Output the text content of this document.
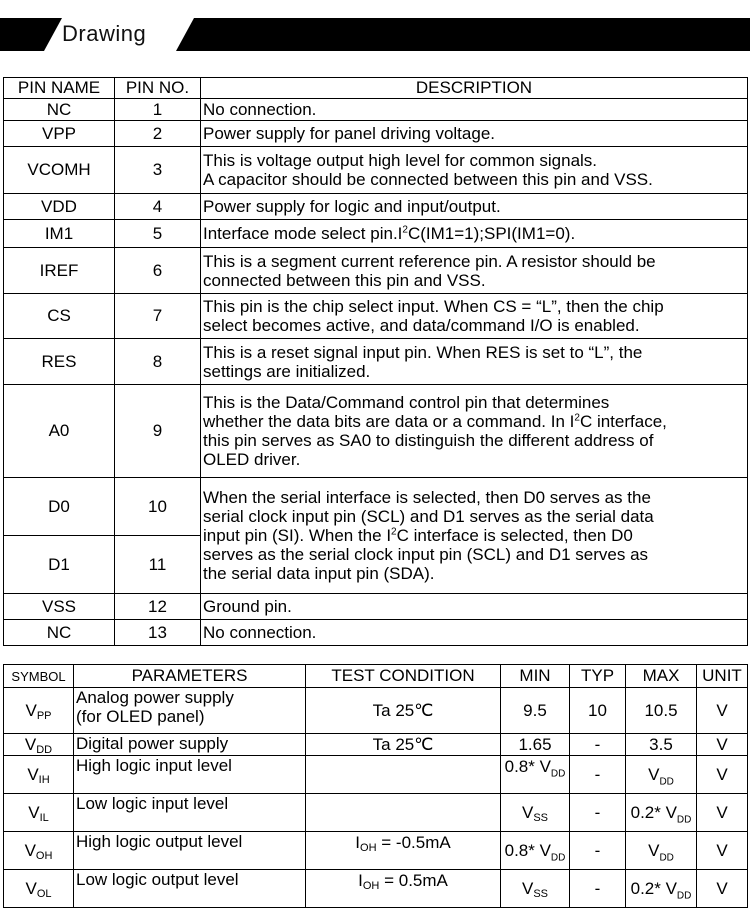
Drawing
PIN NAME	PIN NO.	DESCRIPTION
NC	1	No connection.
VPP	2	Power supply for panel driving voltage.
VCOMH	3	This is voltage output high level for common signals.
A capacitor should be connected between this pin and VSS.
VDD	4	Power supply for logic and input/output.
IM1	5	Interface mode select $pin.I^2C(IM1=1);SPI(IM1=0)$.
IREF	6	This is a segment current reference pin. A resistor should be
connected between this pin and VSS.
CS	7	This pin is the chip select input. When CS = “L”, then the chip
select becomes active, and data/command I/O is enabled.
RES	8	This is a reset signal input pin. When RES is set to “L”, the
settings are initialized.
A0	9	This is the Data/Command control pin that determines
whether the data bits are data or a command. In $I^2C$ interface,
this pin serves as SA0 to distinguish the different address of
OLED driver.
D0	10	When the serial interface is selected, then D0 serves as the
serial clock input pin (SCL) and D1 serves as the serial data
input pin (SI). When the $I^2C$ interface is selected, then D0
serves as the serial clock input pin (SCL) and D1 serves as
the serial data input pin (SDA).
D1	11	
VSS	12	Ground pin.
NC	13	No connection.
SYMBOL	PARAMETERS	TEST CONDITION	MIN	TYP	MAX	UNIT
$V_{PP}$	Analog power supply
(for OLED panel)	Ta 25℃	9.5	10	10.5	V
$V_{DD}$	Digital power supply	Ta 25℃	1.65	-	3.5	V
$V_{IH}$	High logic input level		0.8* $V_{DD}$	-	$V_{DD}$	V
$V_{IL}$	Low logic input level		$V_{SS}$	-	0.2* $V_{DD}$	V
$V_{OH}$	High logic output level	$I_{OH} = -0.5mA$	0.8* $V_{DD}$	-	$V_{DD}$	V
$V_{OL}$	Low logic output level	$I_{OH} = 0.5mA$	$V_{SS}$	-	0.2* $V_{DD}$	V
